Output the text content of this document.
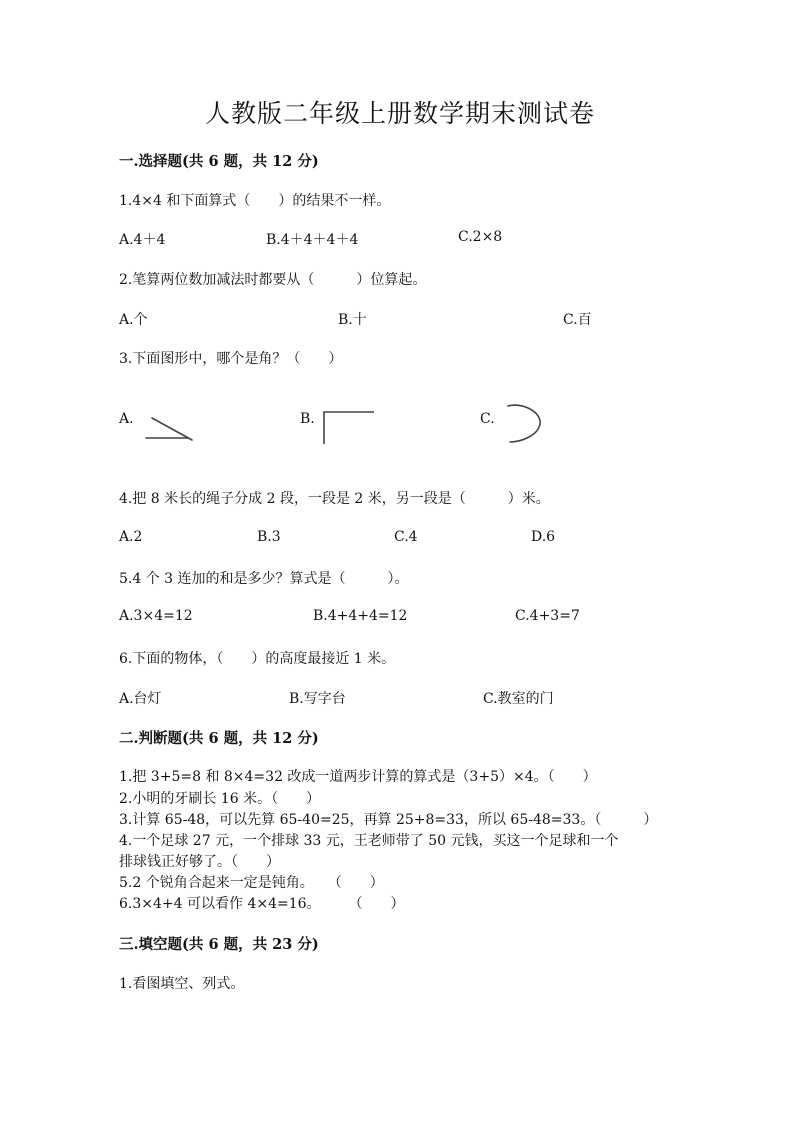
人教版二年级上册数学期末测试卷
一.选择题(共 6 题，共 12 分)
1.4×4 和下面算式（　　）的结果不一样。
A.4＋4	B.4＋4＋4＋4	C.2×8
2.笔算两位数加减法时都要从（　　　）位算起。
A.个	B.十	C.百
3.下面图形中，哪个是角？（　　）
A.	B.	C.
4.把 8 米长的绳子分成 2 段，一段是 2 米，另一段是（　　　）米。
A.2	B.3	C.4	D.6
5.4 个 3 连加的和是多少？算式是（　　　）。
A.3×4=12	B.4+4+4=12	C.4+3=7
6.下面的物体，（　　）的高度最接近 1 米。
A.台灯	B.写字台	C.教室的门
二.判断题(共 6 题，共 12 分)
1.把 3+5=8 和 8×4=32 改成一道两步计算的算式是（3+5）×4。（　　）
2.小明的牙刷长 16 米。（　　）
3.计算 65-48，可以先算 65-40=25，再算 25+8=33，所以 65-48=33。（　　　）
4.一个足球 27 元，一个排球 33 元，王老师带了 50 元钱，买这一个足球和一个
排球钱正好够了。（　　）
5.2 个锐角合起来一定是钝角。　　（　　）
6.3×4+4 可以看作 4×4=16。　　　（　　）
三.填空题(共 6 题，共 23 分)
1.看图填空、列式。
